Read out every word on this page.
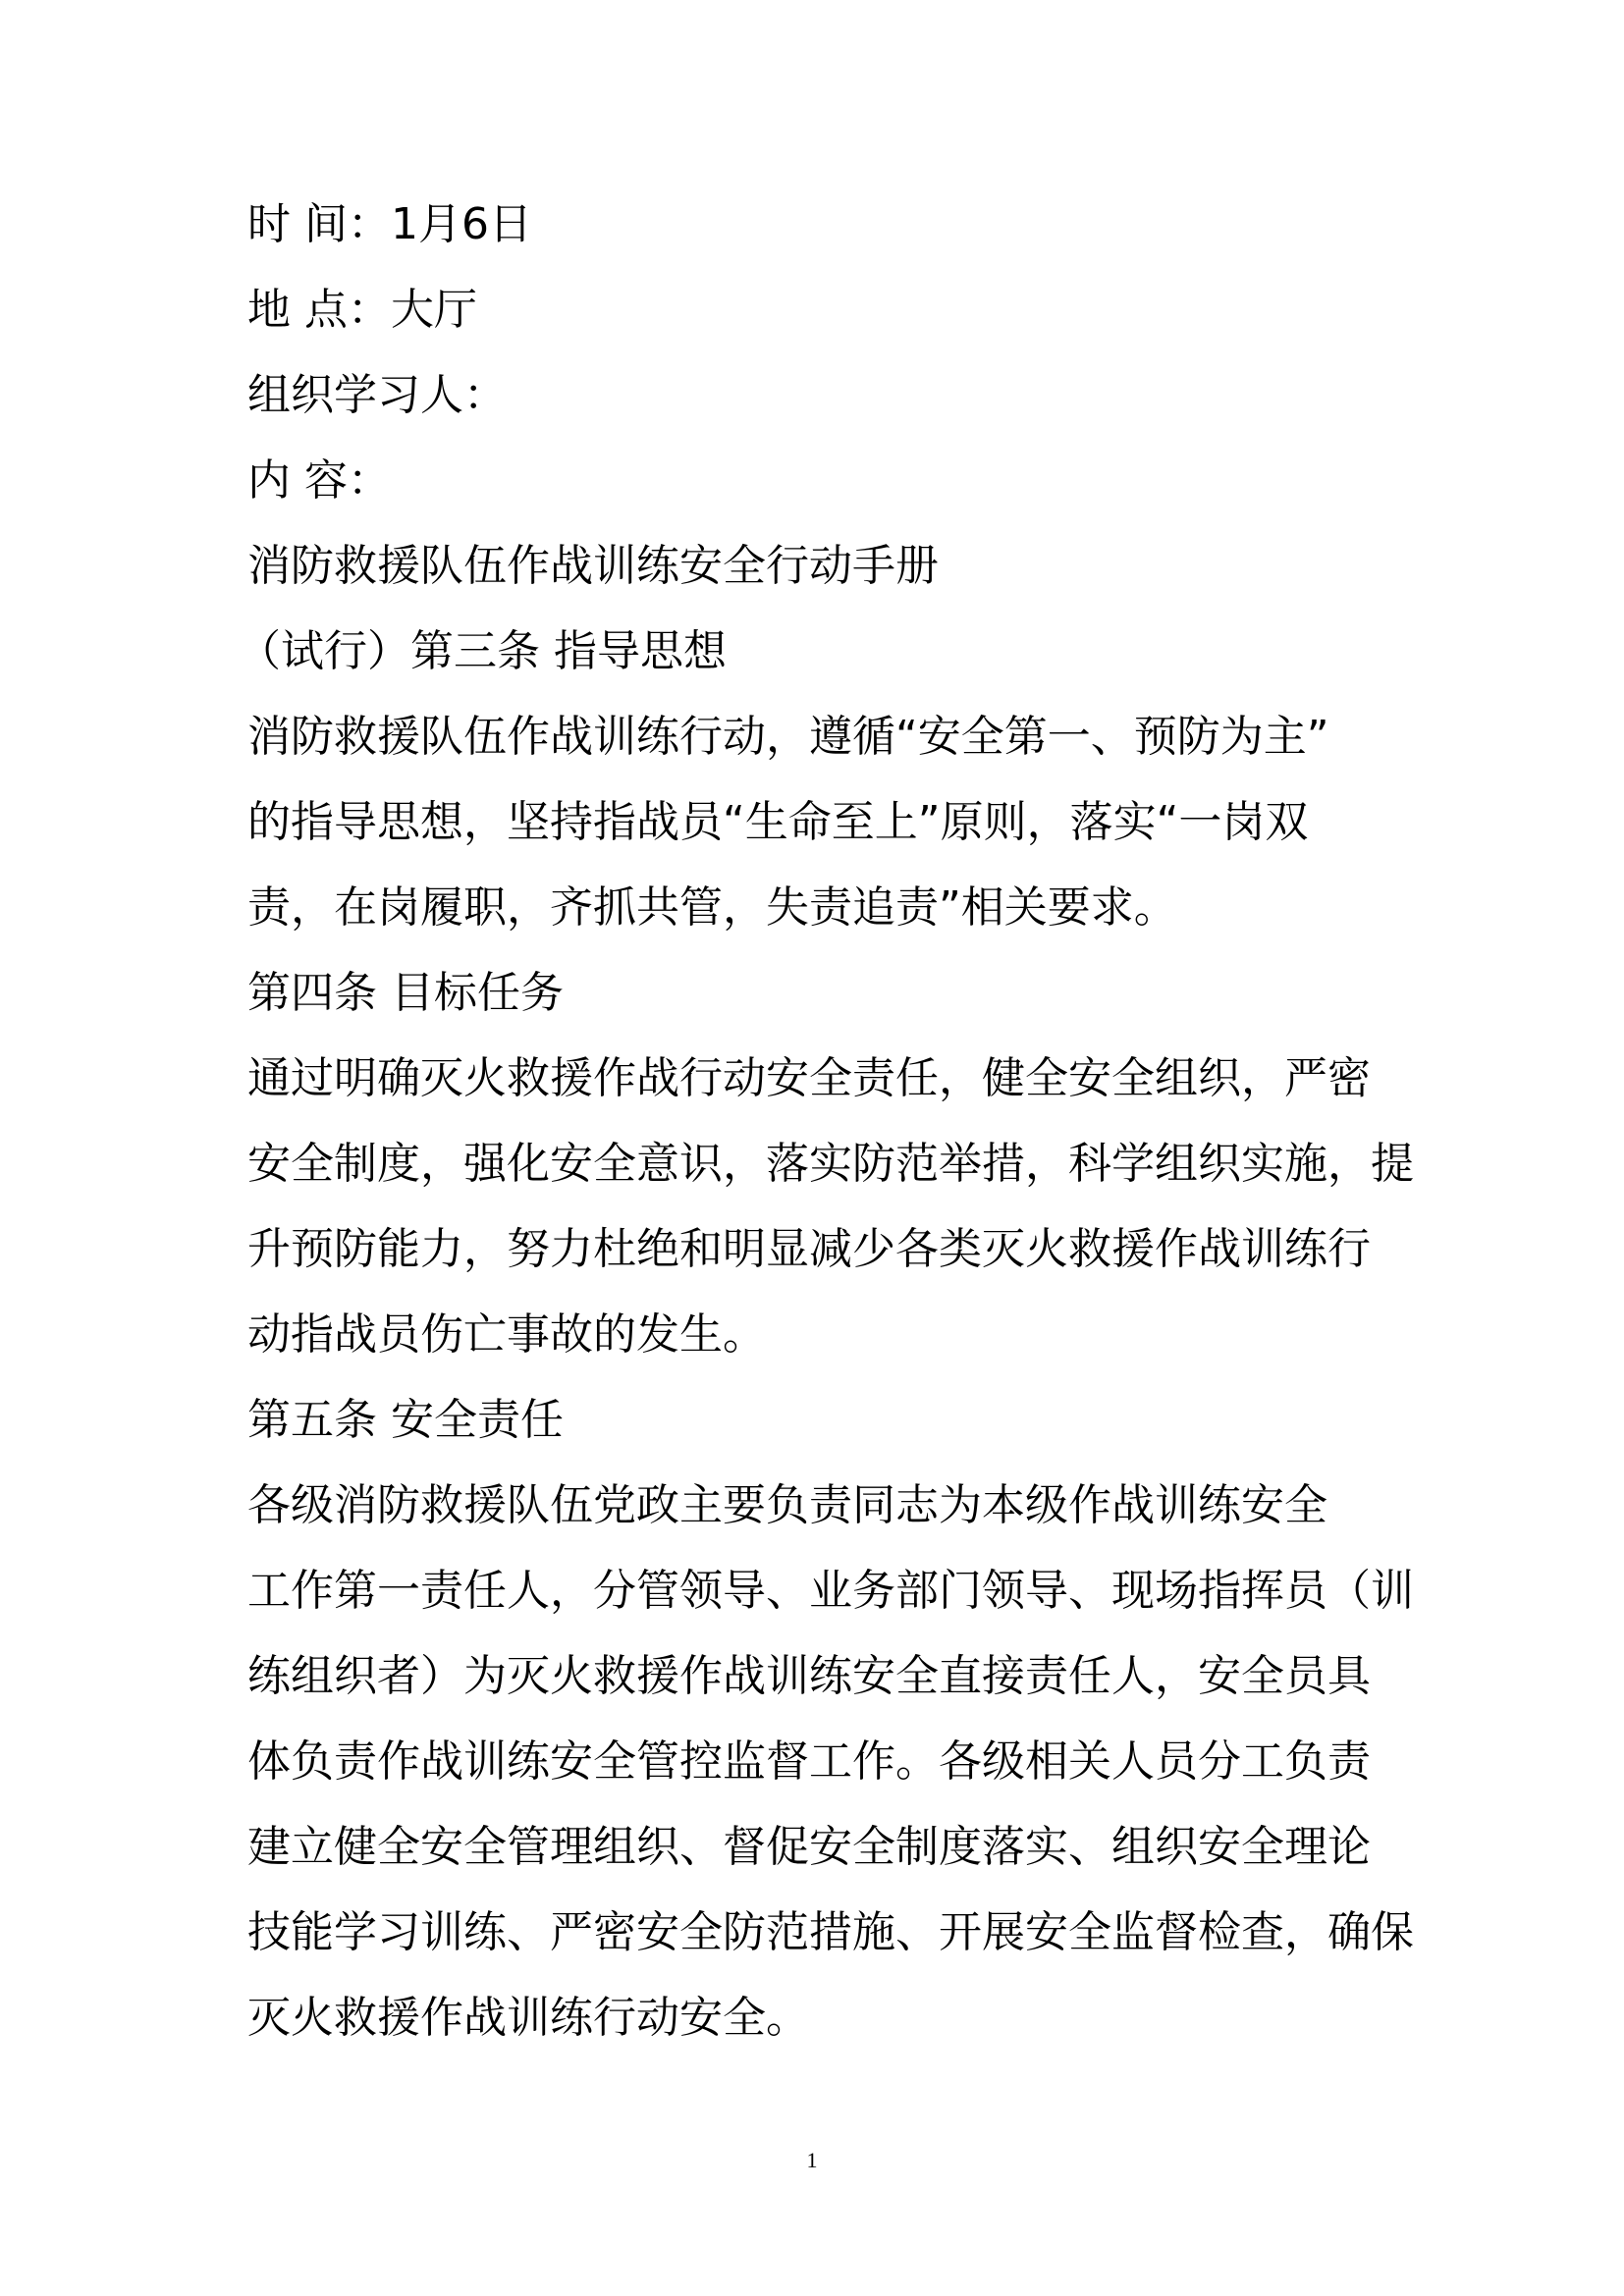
时 间：1月6日
地 点：大厅
组织学习人：
内 容：
消防救援队伍作战训练安全行动手册
（试行）第三条 指导思想
消防救援队伍作战训练行动，遵循“安全第一、预防为主”
的指导思想，坚持指战员“生命至上”原则，落实“一岗双
责，在岗履职，齐抓共管，失责追责”相关要求。
第四条 目标任务
通过明确灭火救援作战行动安全责任，健全安全组织，严密
安全制度，强化安全意识，落实防范举措，科学组织实施，提
升预防能力，努力杜绝和明显减少各类灭火救援作战训练行
动指战员伤亡事故的发生。
第五条 安全责任
各级消防救援队伍党政主要负责同志为本级作战训练安全
工作第一责任人，分管领导、业务部门领导、现场指挥员（训
练组织者）为灭火救援作战训练安全直接责任人，安全员具
体负责作战训练安全管控监督工作。各级相关人员分工负责
建立健全安全管理组织、督促安全制度落实、组织安全理论
技能学习训练、严密安全防范措施、开展安全监督检查，确保
灭火救援作战训练行动安全。
1
